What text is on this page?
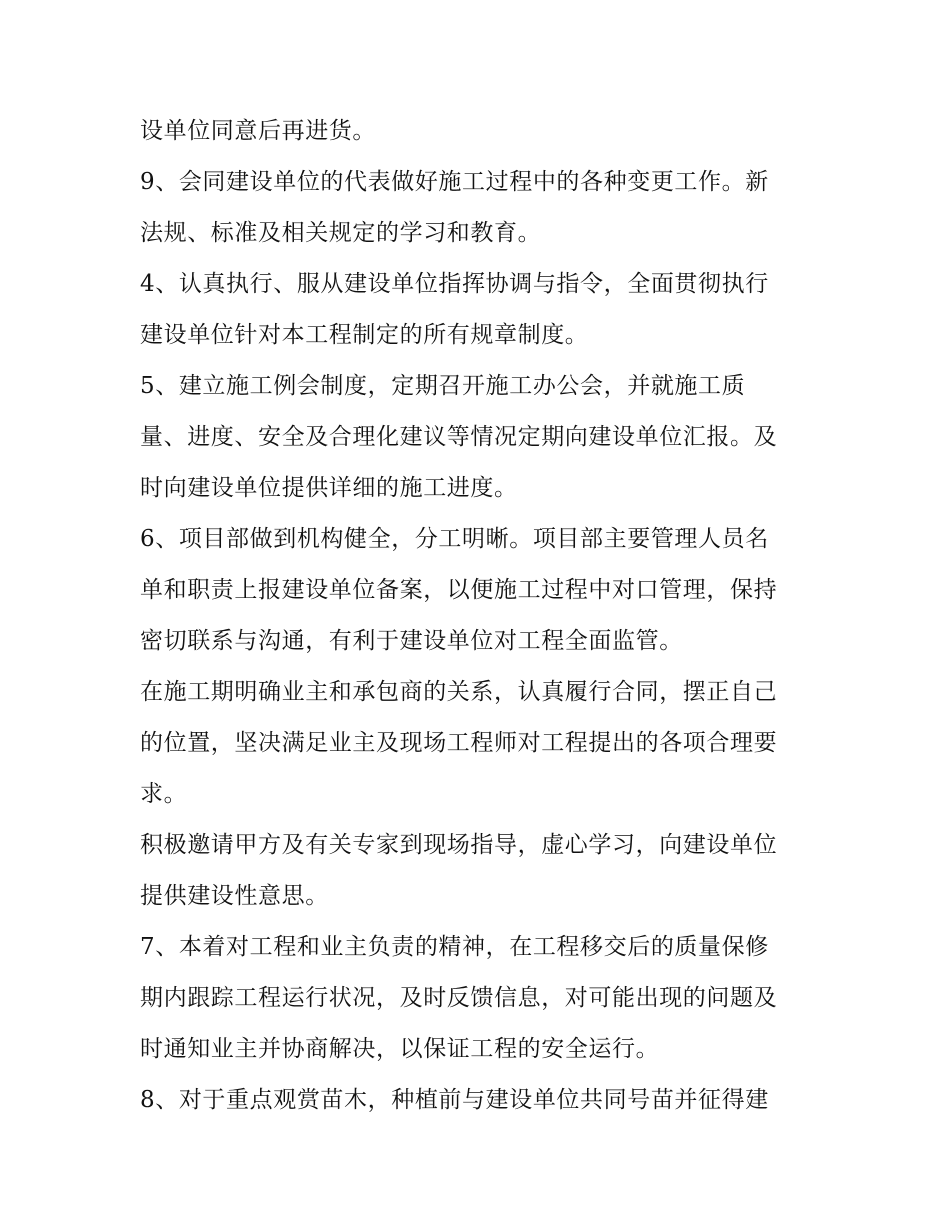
设单位同意后再进货。
9、会同建设单位的代表做好施工过程中的各种变更工作。新
法规、标准及相关规定的学习和教育。
4、认真执行、服从建设单位指挥协调与指令，全面贯彻执行
建设单位针对本工程制定的所有规章制度。
5、建立施工例会制度，定期召开施工办公会，并就施工质
量、进度、安全及合理化建议等情况定期向建设单位汇报。及
时向建设单位提供详细的施工进度。
6、项目部做到机构健全，分工明晰。项目部主要管理人员名
单和职责上报建设单位备案，以便施工过程中对口管理，保持
密切联系与沟通，有利于建设单位对工程全面监管。
在施工期明确业主和承包商的关系，认真履行合同，摆正自己
的位置，坚决满足业主及现场工程师对工程提出的各项合理要
求。
积极邀请甲方及有关专家到现场指导，虚心学习，向建设单位
提供建设性意思。
7、本着对工程和业主负责的精神，在工程移交后的质量保修
期内跟踪工程运行状况，及时反馈信息，对可能出现的问题及
时通知业主并协商解决，以保证工程的安全运行。
8、对于重点观赏苗木，种植前与建设单位共同号苗并征得建
